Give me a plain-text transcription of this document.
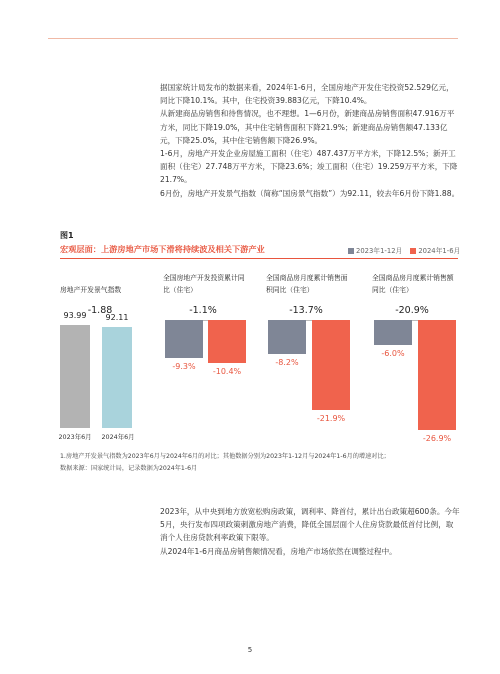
据国家统计局发布的数据来看，2024年1-6月，全国房地产开发住宅投资52.529亿元，同比下降10.1%。其中，住宅投资39.883亿元，下降10.4%。

从新建商品房销售和待售情况，也不理想。1—6月份，新建商品房销售面积47.916万平方米，同比下降19.0%，其中住宅销售面积下降21.9%；新建商品房销售额47.133亿元，下降25.0%，其中住宅销售额下降26.9%。

1-6月，房地产开发企业房屋施工面积（住宅）487.437万平方米，下降12.5%；新开工面积（住宅）27.748万平方米，下降23.6%；竣工面积（住宅）19.259万平方米，下降21.7%。

6月份，房地产开发景气指数（简称“国房景气指数”）为92.11，较去年6月份下降1.88。

图1
宏观层面：上游房地产市场下滑将持续波及相关下游产业	2023年1-12月	2024年1-6月
房地产开发景气指数
-1.88
93.99	92.11
2023年6月	2024年6月
全国房地产开发投资累计同比（住宅）
-1.1%
-9.3%	-10.4%
全国商品房月度累计销售面积同比（住宅）
-13.7%
-8.2%
-21.9%
全国商品房月度累计销售额同比（住宅）
-20.9%
-6.0%
-26.9%
1.房地产开发景气指数为2023年6月与2024年6月的对比；其他数据分别为2023年1-12月与2024年1-6月的增速对比；
数据来源：国家统计局，记录数据为2024年1-6月

2023年，从中央到地方放宽松购房政策，调利率、降首付，累计出台政策超600条。今年5月，央行发布四项政策刺激房地产消费，降低全国层面个人住房贷款最低首付比例，取消个人住房贷款利率政策下限等。

从2024年1-6月商品房销售额情况看，房地产市场依然在调整过程中。

5
